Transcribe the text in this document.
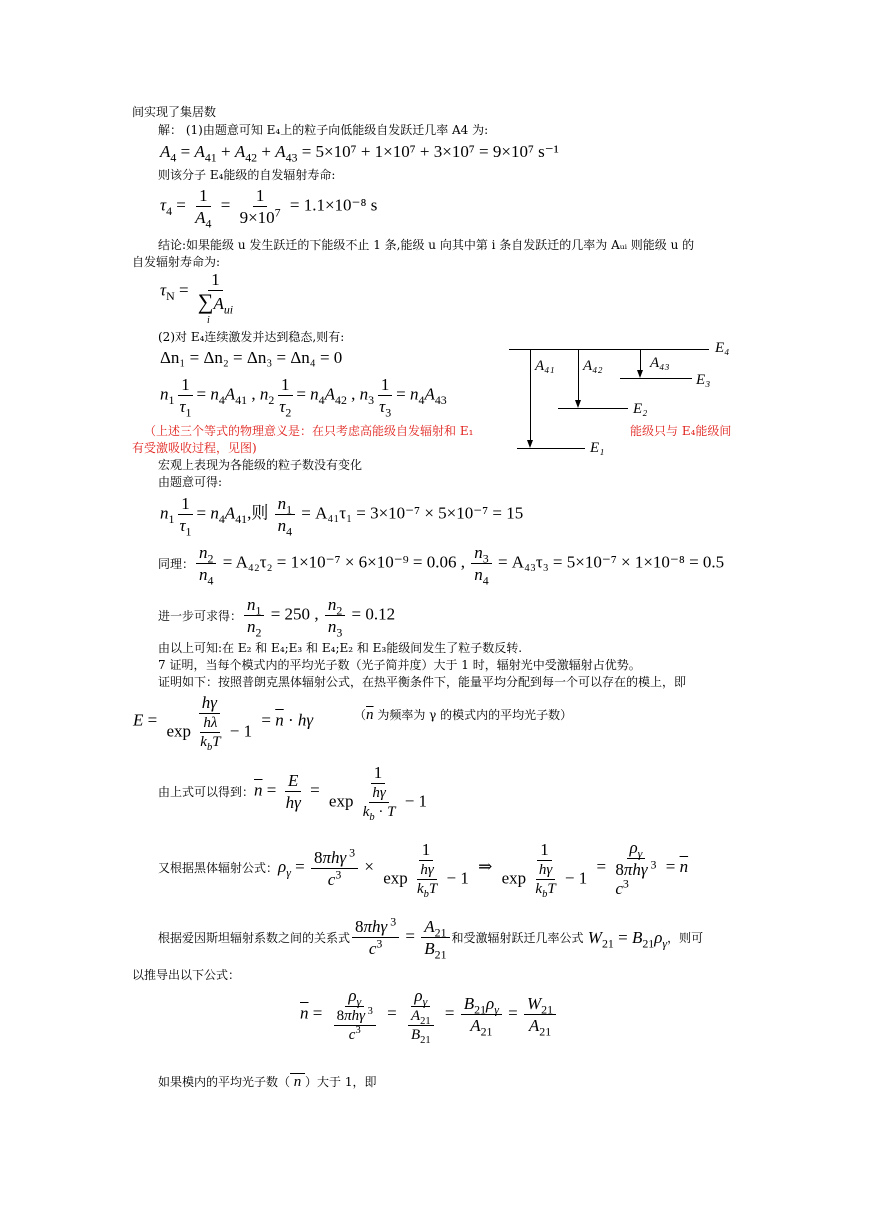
间实现了集居数
解： (1)由题意可知 E₄上的粒子向低能级自发跃迁几率 A4 为:
$A_4 = A_{41} + A_{42} + A_{43} = 5\times 10^7 + 1\times 10^7 + 3\times 10^7 = 9\times 10^7$ s⁻¹
则该分子 E₄能级的自发辐射寿命:
$\tau_4 = \frac{1}{A_4} = \frac{1}{9\times 10^7} = 1.1\times 10^{-8}$ s
结论:如果能级 u 发生跃迁的下能级不止 1 条,能级 u 向其中第 i 条自发跃迁的几率为 Aᵤᵢ 则能级 u 的
自发辐射寿命为:
$\tau_N = \frac{1}{\sum A_{ui}}$
i
(2)对 E₄连续激发并达到稳态,则有:
Δn₁ = Δn₂ = Δn₃ = Δn₄ = 0
$n_1 \frac{1}{\tau_1} = n_4A_{41}$ , $n_2 \frac{1}{\tau_2} = n_4A_{42}$ , $n_3 \frac{1}{\tau_3} = n_4A_{43}$
（上述三个等式的物理意义是：在只考虑高能级自发辐射和 E₁	能级只与 E₄能级间
有受激吸收过程，见图)
E₄
E₃
E₂
E₁
A₄₁ A₄₂	A₄₃
宏观上表现为各能级的粒子数没有变化
由题意可得:
$n_1 \frac{1}{\tau_1} = n_4A_{41}$,则 $\frac{n_1}{n_4} = A_{41}\tau_1 = 3\times 10^{-7} \times 5\times 10^{-7} = 15$
同理： $\frac{n_2}{n_4} = A_{42}\tau_2 = 1\times 10^{-7} \times 6\times 10^{-9} = 0.06$ , $\frac{n_3}{n_4} = A_{43}\tau_3 = 5\times 10^{-7} \times 1\times 10^{-8} = 0.5$
进一步可求得： $\frac{n_1}{n_2} = 250$ , $\frac{n_2}{n_3} = 0.12$
由以上可知:在 E₂ 和 E₄;E₃ 和 E₄;E₂ 和 E₃能级间发生了粒子数反转.
7 证明，当每个模式内的平均光子数（光子简并度）大于 1 时，辐射光中受激辐射占优势。
证明如下：按照普朗克黑体辐射公式，在热平衡条件下，能量平均分配到每一个可以存在的模上，即
$E = \frac{h\gamma}{\exp \frac{h\lambda}{k_bT} - 1} = \overline{n} \cdot h\gamma$	（$\overline{n}$ 为频率为 γ 的模式内的平均光子数）
由上式可以得到： $\overline{n} = \frac{E}{h\gamma} = \frac{1}{\exp \frac{h\gamma}{k_b \cdot T} - 1}$
又根据黑体辐射公式： $\rho_\gamma = \frac{8\pi h\gamma ^3}{c^3} \times \frac{1}{\exp \frac{h\gamma}{k_bT} - 1}$ ⇒ $\frac{1}{\exp \frac{h\gamma}{k_bT} - 1}$ =
$\rho_\gamma$
8πhγ $^3$
$c^3$
= $\overline{n}$
根据爱因斯坦辐射系数之间的关系式 $\frac{8\pi h\gamma ^3}{c^3} = \frac{A_{21}}{B_{21}}$ 和受激辐射跃迁几率公式 $W_{21} = B_{21}\rho_\gamma$ ，则可
以推导出以下公式：
$\overline{n} = \frac{\rho_\gamma}{\frac{8\pi h\gamma ^3}{c^3}} = \frac{\rho_\gamma}{\frac{A_{21}}{B_{21}}} = \frac{B_{21}\rho_\gamma}{A_{21}} = \frac{W_{21}}{A_{21}}$
如果模内的平均光子数（ n ）大于 1，即
